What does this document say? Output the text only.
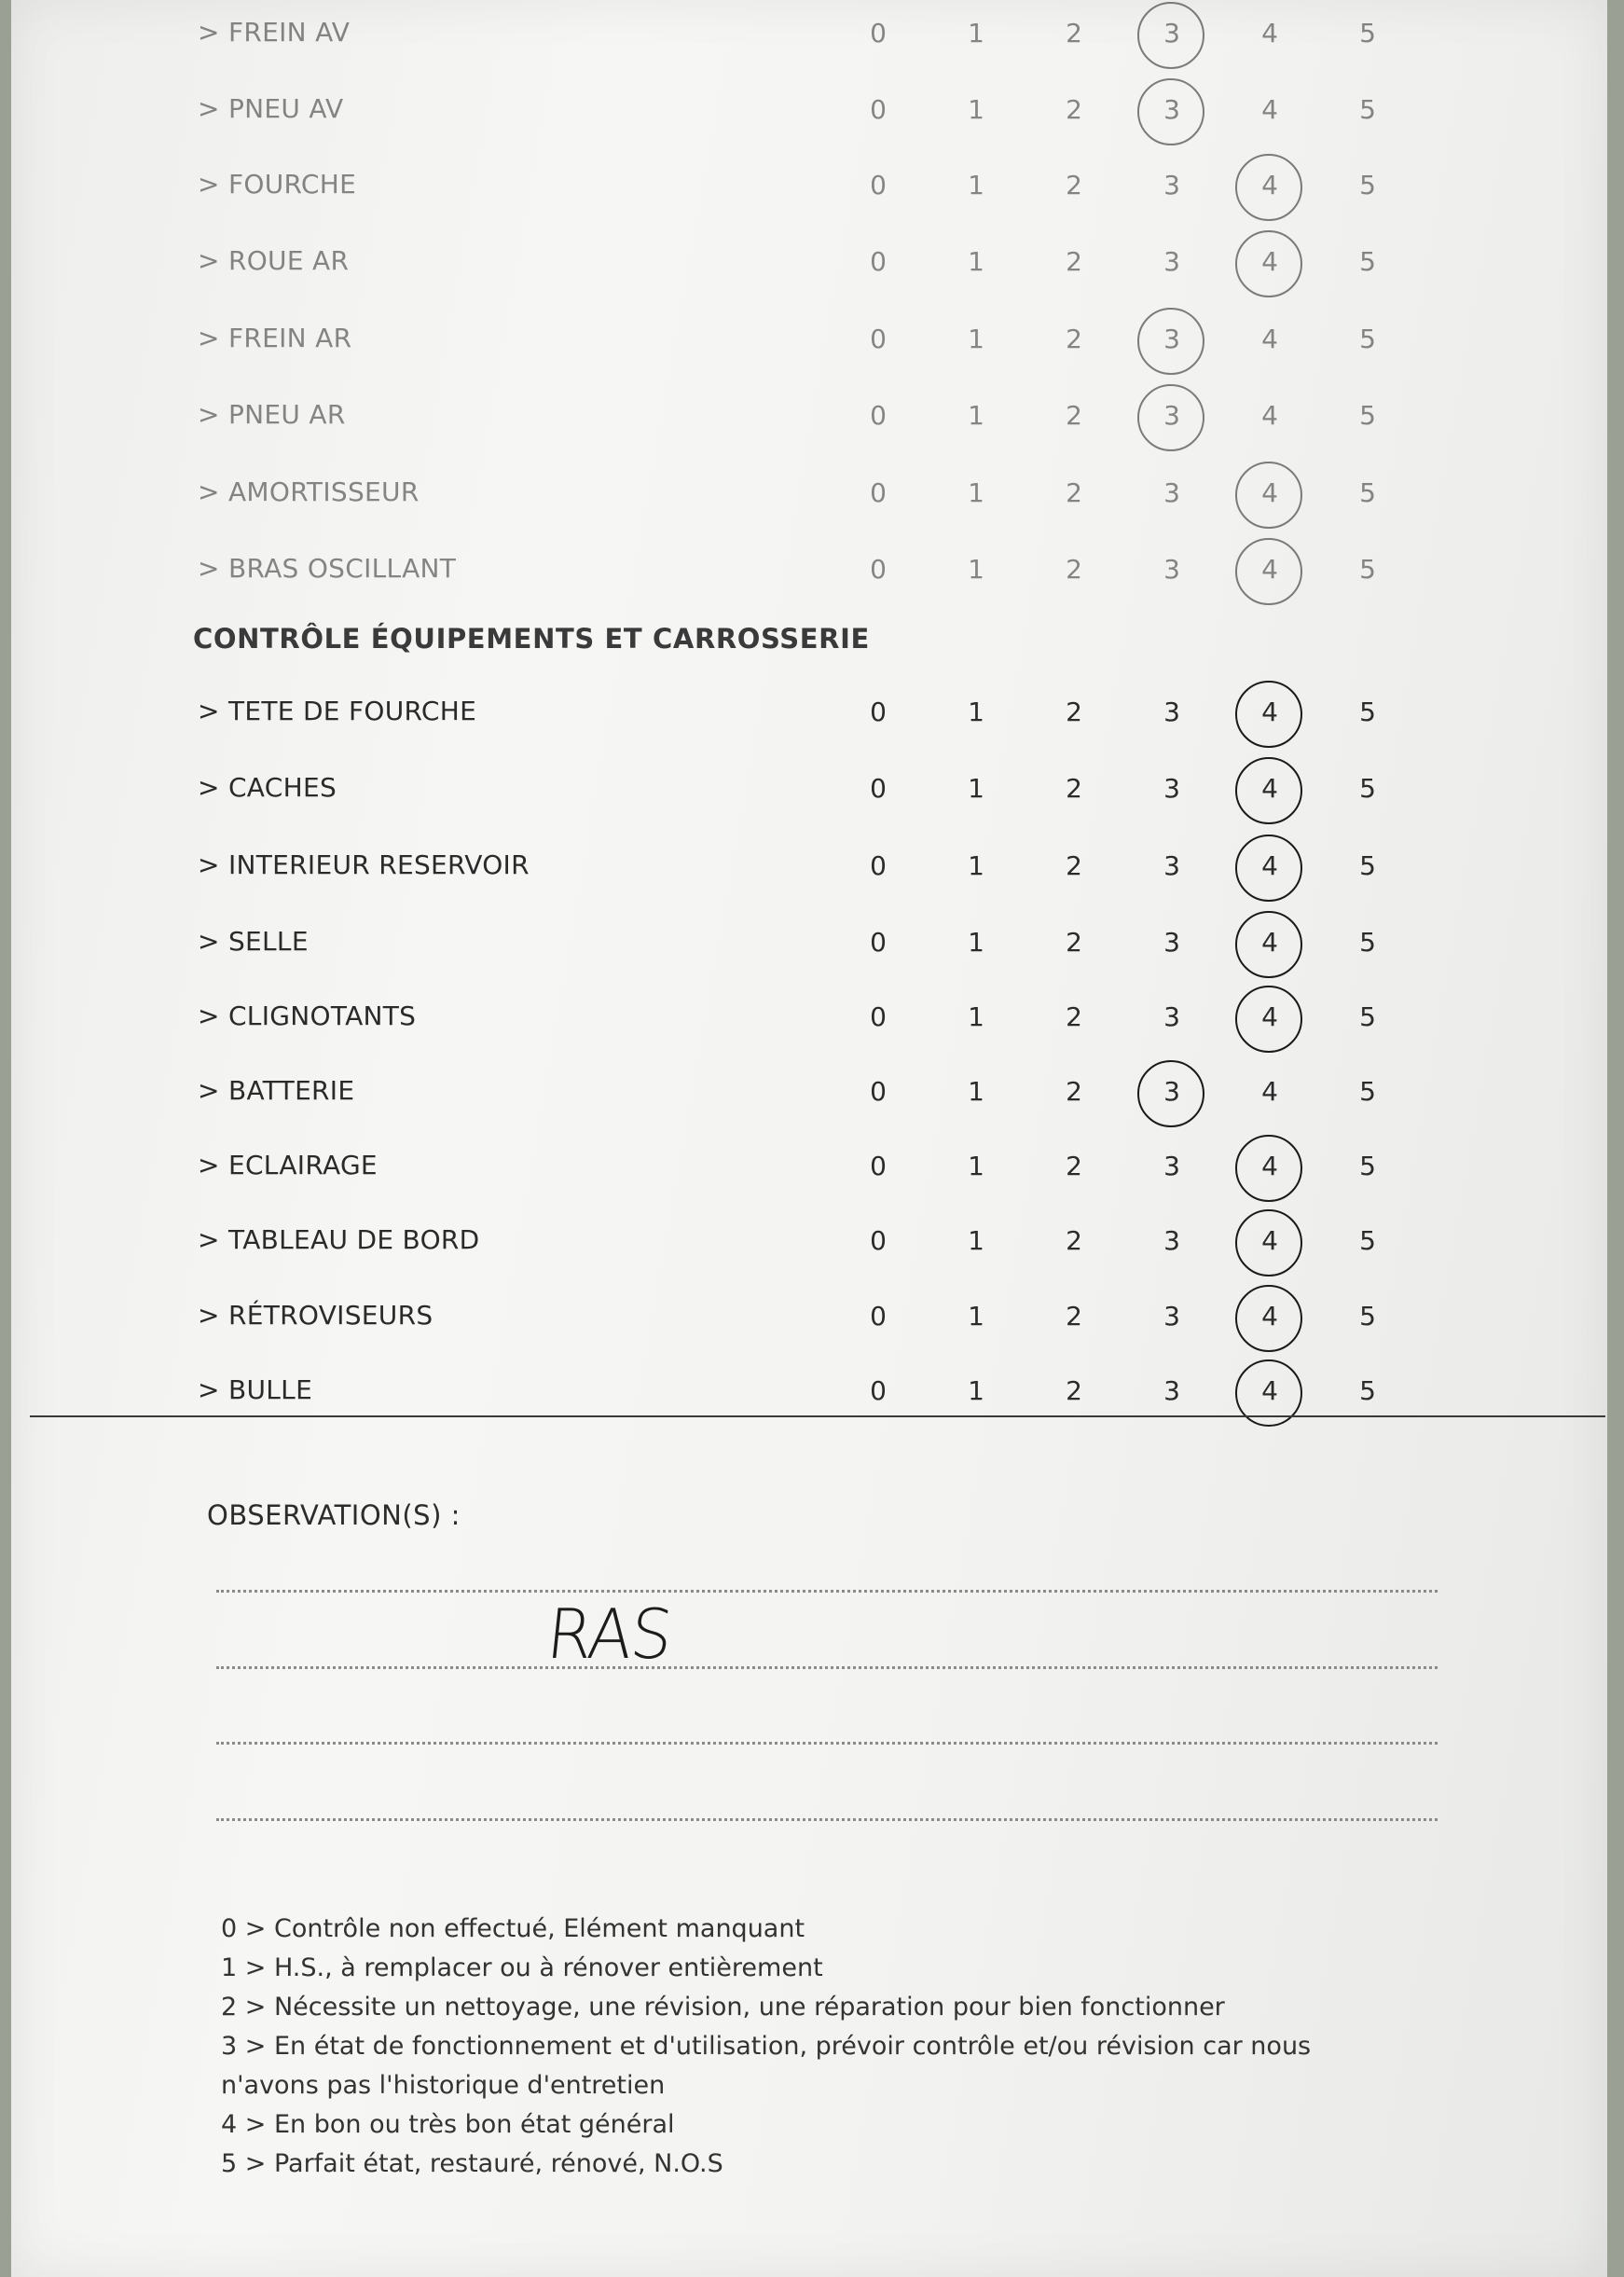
> FREIN AV	0	1	2	3	4	5
> PNEU AV	0	1	2	3	4	5
> FOURCHE	0	1	2	3	4	5
> ROUE AR	0	1	2	3	4	5
> FREIN AR	0	1	2	3	4	5
> PNEU AR	0	1	2	3	4	5
> AMORTISSEUR	0	1	2	3	4	5
> BRAS OSCILLANT	0	1	2	3	4	5
> TETE DE FOURCHE	0	1	2	3	4	5
> CACHES	0	1	2	3	4	5
> INTERIEUR RESERVOIR	0	1	2	3	4	5
> SELLE	0	1	2	3	4	5
> CLIGNOTANTS	0	1	2	3	4	5
> BATTERIE	0	1	2	3	4	5
> ECLAIRAGE	0	1	2	3	4	5
> TABLEAU DE BORD	0	1	2	3	4	5
> RÉTROVISEURS	0	1	2	3	4	5
> BULLE	0	1	2	3	4	5
CONTRÔLE ÉQUIPEMENTS ET CARROSSERIE
OBSERVATION(S) :
RAS
0 > Contrôle non effectué, Elément manquant
1 > H.S., à remplacer ou à rénover entièrement
2 > Nécessite un nettoyage, une révision, une réparation pour bien fonctionner
3 > En état de fonctionnement et d'utilisation, prévoir contrôle et/ou révision car nous
n'avons pas l'historique d'entretien
4 > En bon ou très bon état général
5 > Parfait état, restauré, rénové, N.O.S
